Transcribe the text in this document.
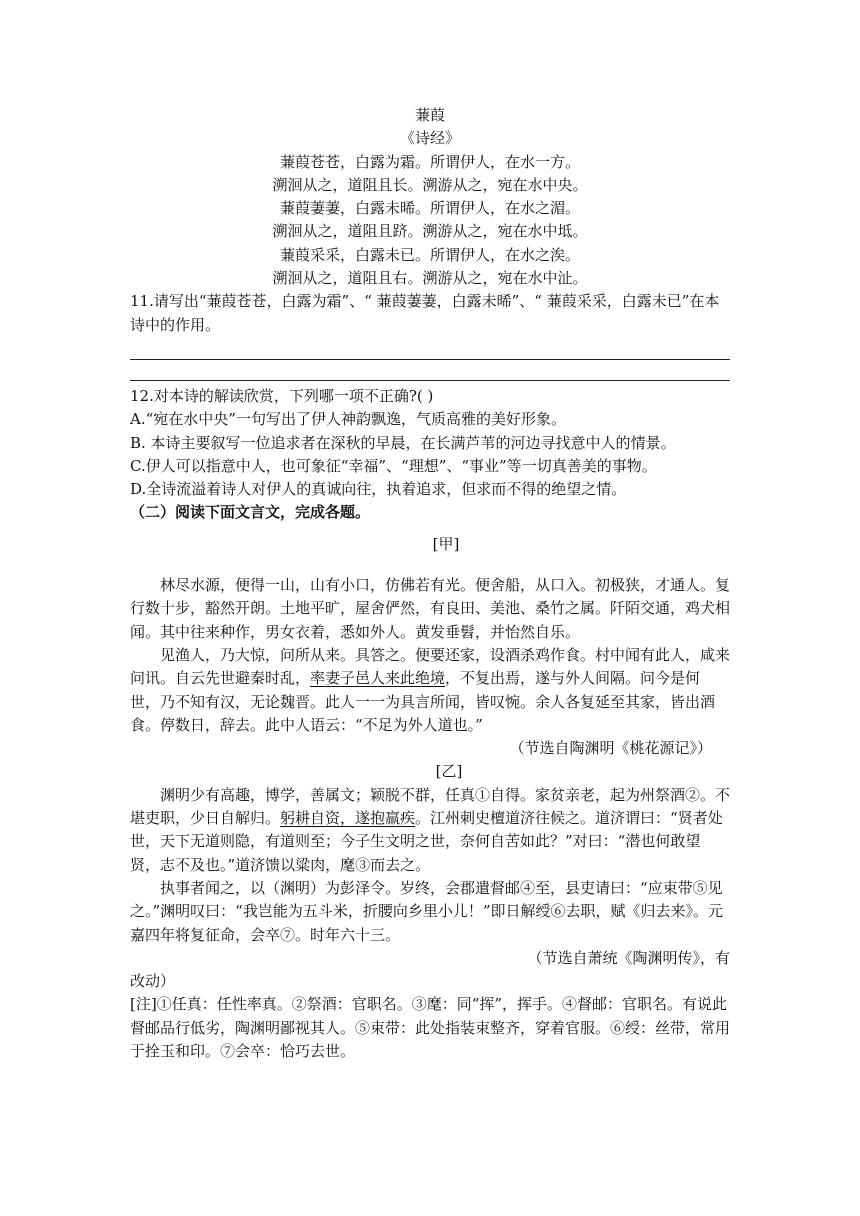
蒹葭

《诗经》

蒹葭苍苍，白露为霜。所谓伊人，在水一方。

溯洄从之，道阻且长。溯游从之，宛在水中央。

蒹葭萋萋，白露未晞。所谓伊人，在水之湄。

溯洄从之，道阻且跻。溯游从之，宛在水中坻。

蒹葭采采，白露未已。所谓伊人，在水之涘。

溯洄从之，道阻且右。溯游从之，宛在水中沚。

11.请写出“蒹葭苍苍，白露为霜”、“ 蒹葭萋萋，白露未晞”、“ 蒹葭采采，白露未已”在本诗中的作用。

12.对本诗的解读欣赏，下列哪一项不正确?( )

A.“宛在水中央”一句写出了伊人神韵飘逸，气质高雅的美好形象。

B. 本诗主要叙写一位追求者在深秋的早晨，在长满芦苇的河边寻找意中人的情景。

C.伊人可以指意中人，也可象征“幸福”、“理想”、“事业”等一切真善美的事物。

D.全诗流溢着诗人对伊人的真诚向往，执着追求，但求而不得的绝望之情。

（二）阅读下面文言文，完成各题。

[甲]

林尽水源，便得一山，山有小口，仿佛若有光。便舍船，从口入。初极狭，才通人。复行数十步，豁然开朗。土地平旷，屋舍俨然，有良田、美池、桑竹之属。阡陌交通，鸡犬相闻。其中往来种作，男女衣着，悉如外人。黄发垂髫，并怡然自乐。

见渔人，乃大惊，问所从来。具答之。便要还家，设酒杀鸡作食。村中闻有此人，咸来问讯。自云先世避秦时乱，率妻子邑人来此绝境，不复出焉，遂与外人间隔。问今是何世，乃不知有汉，无论魏晋。此人一一为具言所闻，皆叹惋。余人各复延至其家，皆出酒食。停数日，辞去。此中人语云：“不足为外人道也。”

（节选自陶渊明《桃花源记》）

[乙]

渊明少有高趣，博学，善属文；颖脱不群，任真①自得。家贫亲老，起为州祭酒②。不堪吏职，少日自解归。躬耕自资，遂抱羸疾。江州刺史檀道济往候之。道济谓曰：“贤者处世，天下无道则隐，有道则至；今子生文明之世，奈何自苦如此？”对曰：“潜也何敢望贤，志不及也。”道济馈以粱肉，麾③而去之。

执事者闻之，以（渊明）为彭泽令。岁终，会郡遣督邮④至，县吏请曰：“应束带⑤见之。”渊明叹曰：“我岂能为五斗米，折腰向乡里小儿！”即日解绶⑥去职，赋《归去来》。元嘉四年将复征命，会卒⑦。时年六十三。

（节选自萧统《陶渊明传》，有

改动）

[注]①任真：任性率真。②祭酒：官职名。③麾：同“挥”，挥手。④督邮：官职名。有说此督邮品行低劣，陶渊明鄙视其人。⑤束带：此处指装束整齐，穿着官服。⑥绶：丝带，常用于拴玉和印。⑦会卒：恰巧去世。
